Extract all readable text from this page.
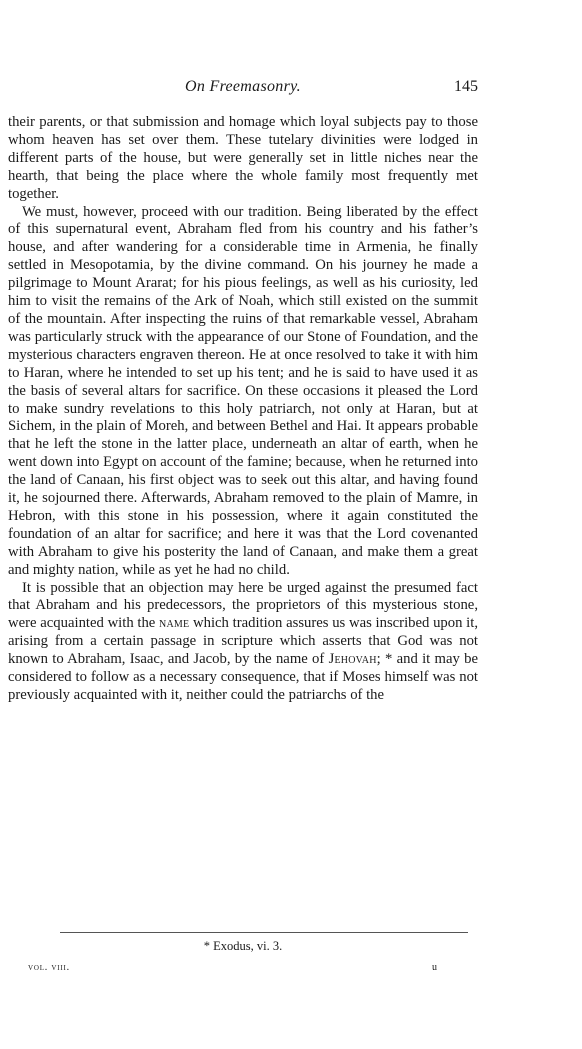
On Freemasonry.	145

their parents, or that submission and homage which loyal subjects pay to those whom heaven has set over them. These tutelary divinities were lodged in different parts of the house, but were generally set in little niches near the hearth, that being the place where the whole family most frequently met together.

We must, however, proceed with our tradition. Being liberated by the effect of this supernatural event, Abraham fled from his country and his father’s house, and after wandering for a considerable time in Armenia, he finally settled in Mesopotamia, by the divine command. On his journey he made a pilgrimage to Mount Ararat; for his pious feelings, as well as his curiosity, led him to visit the remains of the Ark of Noah, which still existed on the summit of the mountain. After inspecting the ruins of that remarkable vessel, Abraham was particularly struck with the appearance of our Stone of Foundation, and the mysterious characters engraven thereon. He at once resolved to take it with him to Haran, where he intended to set up his tent; and he is said to have used it as the basis of several altars for sacrifice. On these occasions it pleased the Lord to make sundry revelations to this holy patriarch, not only at Haran, but at Sichem, in the plain of Moreh, and between Bethel and Hai. It appears probable that he left the stone in the latter place, underneath an altar of earth, when he went down into Egypt on account of the famine; because, when he returned into the land of Canaan, his first object was to seek out this altar, and having found it, he sojourned there. Afterwards, Abraham removed to the plain of Mamre, in Hebron, with this stone in his possession, where it again constituted the foundation of an altar for sacrifice; and here it was that the Lord covenanted with Abraham to give his posterity the land of Canaan, and make them a great and mighty nation, while as yet he had no child.

It is possible that an objection may here be urged against the presumed fact that Abraham and his predecessors, the proprietors of this mysterious stone, were acquainted with the name which tradition assures us was inscribed upon it, arising from a certain passage in scripture which asserts that God was not known to Abraham, Isaac, and Jacob, by the name of Jehovah; * and it may be considered to follow as a necessary consequence, that if Moses himself was not previously acquainted with it, neither could the patriarchs of the

* Exodus, vi. 3.
vol. viii.	u
